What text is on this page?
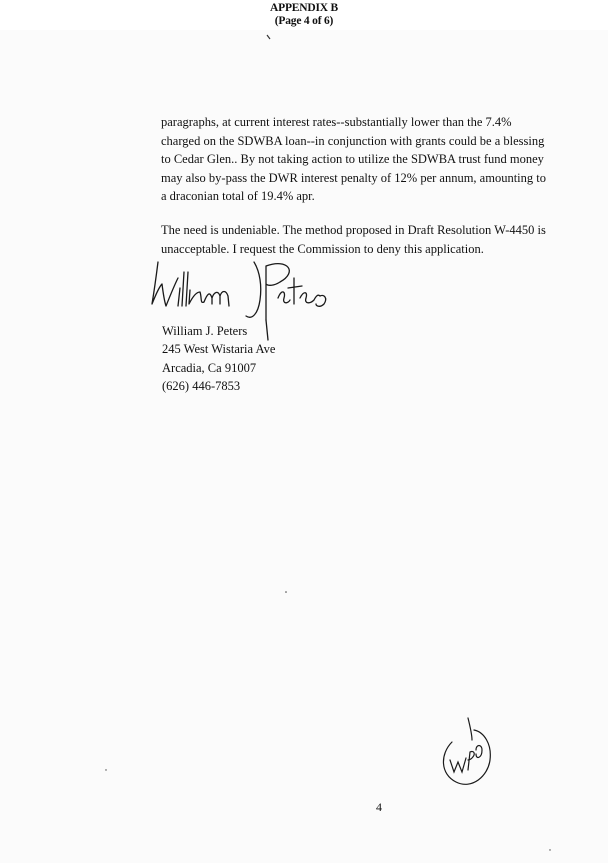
APPENDIX B
(Page 4 of 6)
paragraphs, at current interest rates--substantially lower than the 7.4%
charged on the SDWBA loan--in conjunction with grants could be a blessing
to Cedar Glen.. By not taking action to utilize the SDWBA trust fund money
may also by-pass the DWR interest penalty of 12% per annum, amounting to
a draconian total of 19.4% apr.
The need is undeniable. The method proposed in Draft Resolution W-4450 is
unacceptable. I request the Commission to deny this application.
William J. Peters
245 West Wistaria Ave
Arcadia, Ca 91007
(626) 446-7853
4
